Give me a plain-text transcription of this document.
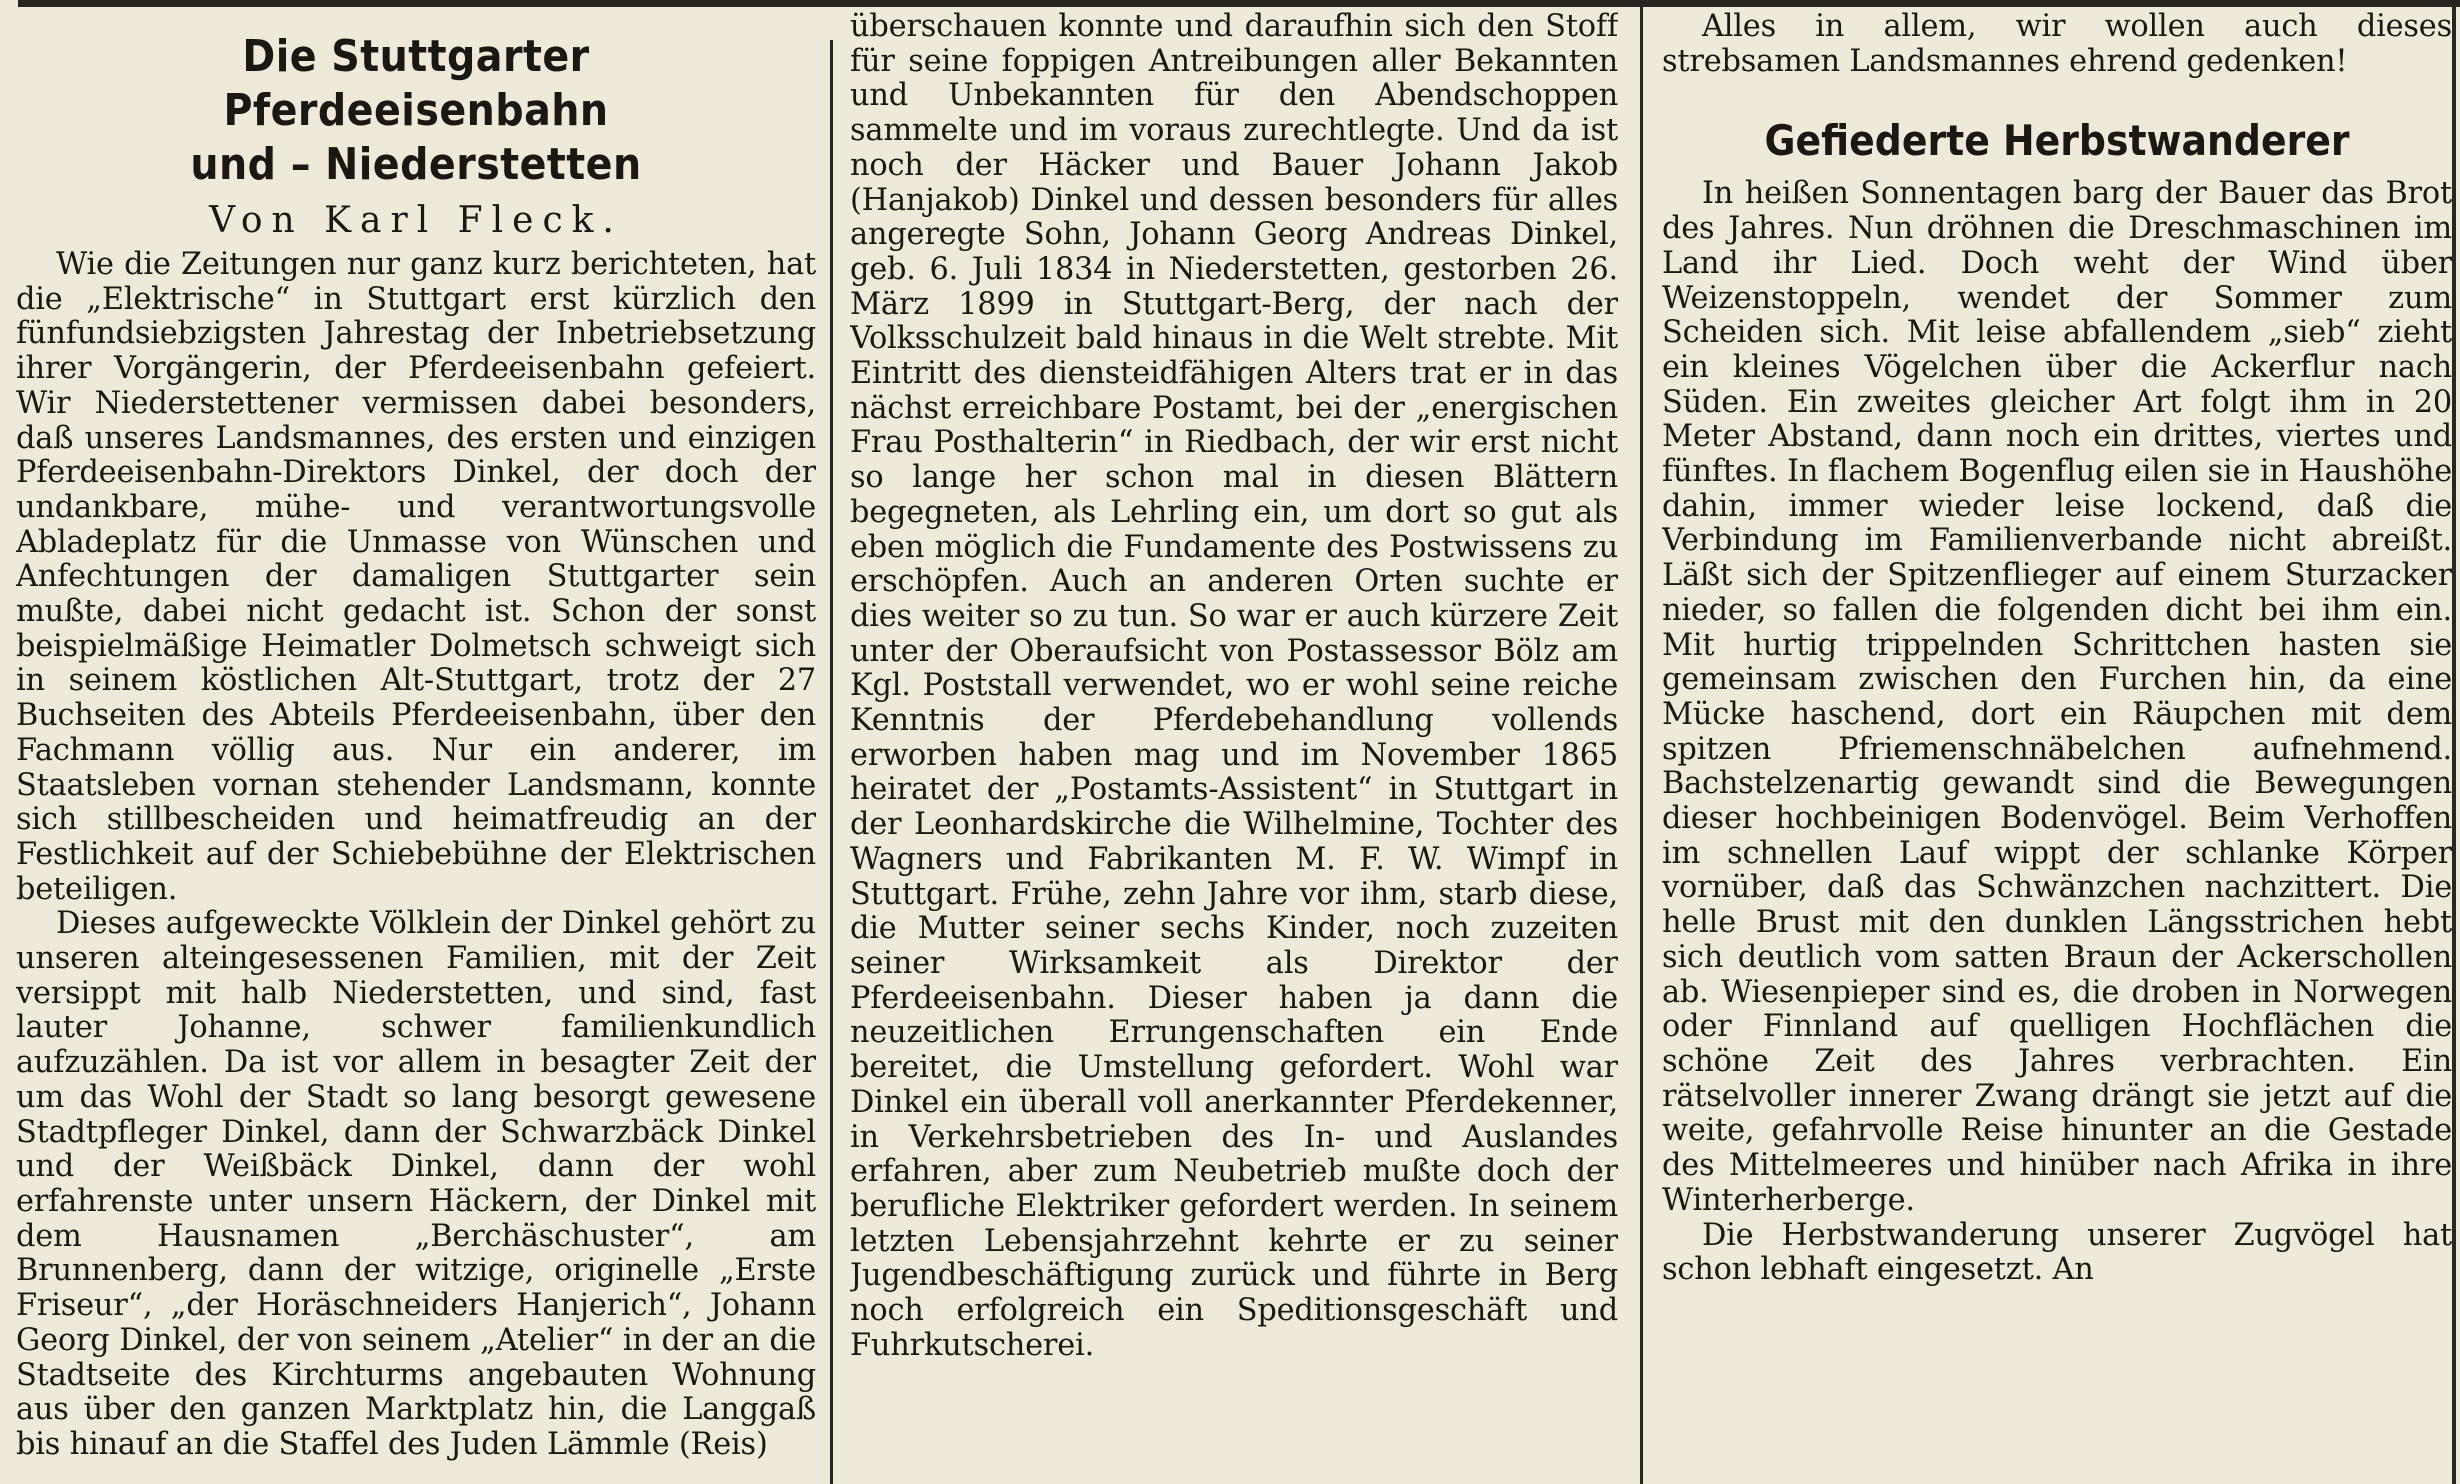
Die Stuttgarter Pferdeeisenbahn
und – Niederstetten
Von Karl Fleck.

Wie die Zeitungen nur ganz kurz berichteten, hat die „Elektrische“ in Stuttgart erst kürzlich den fünfundsiebzigsten Jahrestag der Inbetriebsetzung ihrer Vorgängerin, der Pferdeeisenbahn gefeiert. Wir Niederstettener vermissen dabei besonders, daß unseres Landsmannes, des ersten und einzigen Pferdeeisenbahn-Direktors Dinkel, der doch der undankbare, mühe- und verantwortungsvolle Abladeplatz für die Unmasse von Wünschen und Anfechtungen der damaligen Stuttgarter sein mußte, dabei nicht gedacht ist. Schon der sonst beispielmäßige Heimatler Dolmetsch schweigt sich in seinem köstlichen Alt-Stuttgart, trotz der 27 Buchseiten des Abteils Pferdeeisenbahn, über den Fachmann völlig aus. Nur ein anderer, im Staatsleben vornan stehender Landsmann, konnte sich stillbescheiden und heimatfreudig an der Festlichkeit auf der Schiebebühne der Elektrischen beteiligen.

Dieses aufgeweckte Völklein der Dinkel gehört zu unseren alteingesessenen Familien, mit der Zeit versippt mit halb Niederstetten, und sind, fast lauter Johanne, schwer familienkundlich aufzuzählen. Da ist vor allem in besagter Zeit der um das Wohl der Stadt so lang besorgt gewesene Stadtpfleger Dinkel, dann der Schwarzbäck Dinkel und der Weißbäck Dinkel, dann der wohl erfahrenste unter unsern Häckern, der Dinkel mit dem Hausnamen „Berchäschuster“, am Brunnenberg, dann der witzige, originelle „Erste Friseur“, „der Horäschneiders Hanjerich“, Johann Georg Dinkel, der von seinem „Atelier“ in der an die Stadtseite des Kirchturms angebauten Wohnung aus über den ganzen Marktplatz hin, die Langgaß bis hinauf an die Staffel des Juden Lämmle (Reis)

überschauen konnte und daraufhin sich den Stoff für seine foppigen Antreibungen aller Bekannten und Unbekannten für den Abendschoppen sammelte und im voraus zurechtlegte. Und da ist noch der Häcker und Bauer Johann Jakob (Hanjakob) Dinkel und dessen besonders für alles angeregte Sohn, Johann Georg Andreas Dinkel, geb. 6. Juli 1834 in Niederstetten, gestorben 26. März 1899 in Stuttgart-Berg, der nach der Volksschulzeit bald hinaus in die Welt strebte. Mit Eintritt des diensteidfähigen Alters trat er in das nächst erreichbare Postamt, bei der „energischen Frau Posthalterin“ in Riedbach, der wir erst nicht so lange her schon mal in diesen Blättern begegneten, als Lehrling ein, um dort so gut als eben möglich die Fundamente des Postwissens zu erschöpfen. Auch an anderen Orten suchte er dies weiter so zu tun. So war er auch kürzere Zeit unter der Oberaufsicht von Postassessor Bölz am Kgl. Poststall verwendet, wo er wohl seine reiche Kenntnis der Pferdebehandlung vollends erworben haben mag und im November 1865 heiratet der „Postamts-Assistent“ in Stuttgart in der Leonhardskirche die Wilhelmine, Tochter des Wagners und Fabrikanten M. F. W. Wimpf in Stuttgart. Frühe, zehn Jahre vor ihm, starb diese, die Mutter seiner sechs Kinder, noch zuzeiten seiner Wirksamkeit als Direktor der Pferdeeisenbahn. Dieser haben ja dann die neuzeitlichen Errungenschaften ein Ende bereitet, die Umstellung gefordert. Wohl war Dinkel ein überall voll anerkannter Pferdekenner, in Verkehrsbetrieben des In- und Auslandes erfahren, aber zum Neubetrieb mußte doch der berufliche Elektriker gefordert werden. In seinem letzten Lebensjahrzehnt kehrte er zu seiner Jugendbeschäftigung zurück und führte in Berg noch erfolgreich ein Speditionsgeschäft und Fuhrkutscherei.

Alles in allem, wir wollen auch dieses strebsamen Landsmannes ehrend gedenken!

Gefiederte Herbstwanderer

In heißen Sonnentagen barg der Bauer das Brot des Jahres. Nun dröhnen die Dreschmaschinen im Land ihr Lied. Doch weht der Wind über Weizenstoppeln, wendet der Sommer zum Scheiden sich. Mit leise abfallendem „sieb“ zieht ein kleines Vögelchen über die Ackerflur nach Süden. Ein zweites gleicher Art folgt ihm in 20 Meter Abstand, dann noch ein drittes, viertes und fünftes. In flachem Bogenflug eilen sie in Haushöhe dahin, immer wieder leise lockend, daß die Verbindung im Familienverbande nicht abreißt. Läßt sich der Spitzenflieger auf einem Sturzacker nieder, so fallen die folgenden dicht bei ihm ein. Mit hurtig trippelnden Schrittchen hasten sie gemeinsam zwischen den Furchen hin, da eine Mücke haschend, dort ein Räupchen mit dem spitzen Pfriemenschnäbelchen aufnehmend. Bachstelzenartig gewandt sind die Bewegungen dieser hochbeinigen Bodenvögel. Beim Verhoffen im schnellen Lauf wippt der schlanke Körper vornüber, daß das Schwänzchen nachzittert. Die helle Brust mit den dunklen Längsstrichen hebt sich deutlich vom satten Braun der Ackerschollen ab. Wiesenpieper sind es, die droben in Norwegen oder Finnland auf quelligen Hochflächen die schöne Zeit des Jahres verbrachten. Ein rätselvoller innerer Zwang drängt sie jetzt auf die weite, gefahrvolle Reise hinunter an die Gestade des Mittelmeeres und hinüber nach Afrika in ihre Winterherberge.

Die Herbstwanderung unserer Zugvögel hat schon lebhaft eingesetzt. An
